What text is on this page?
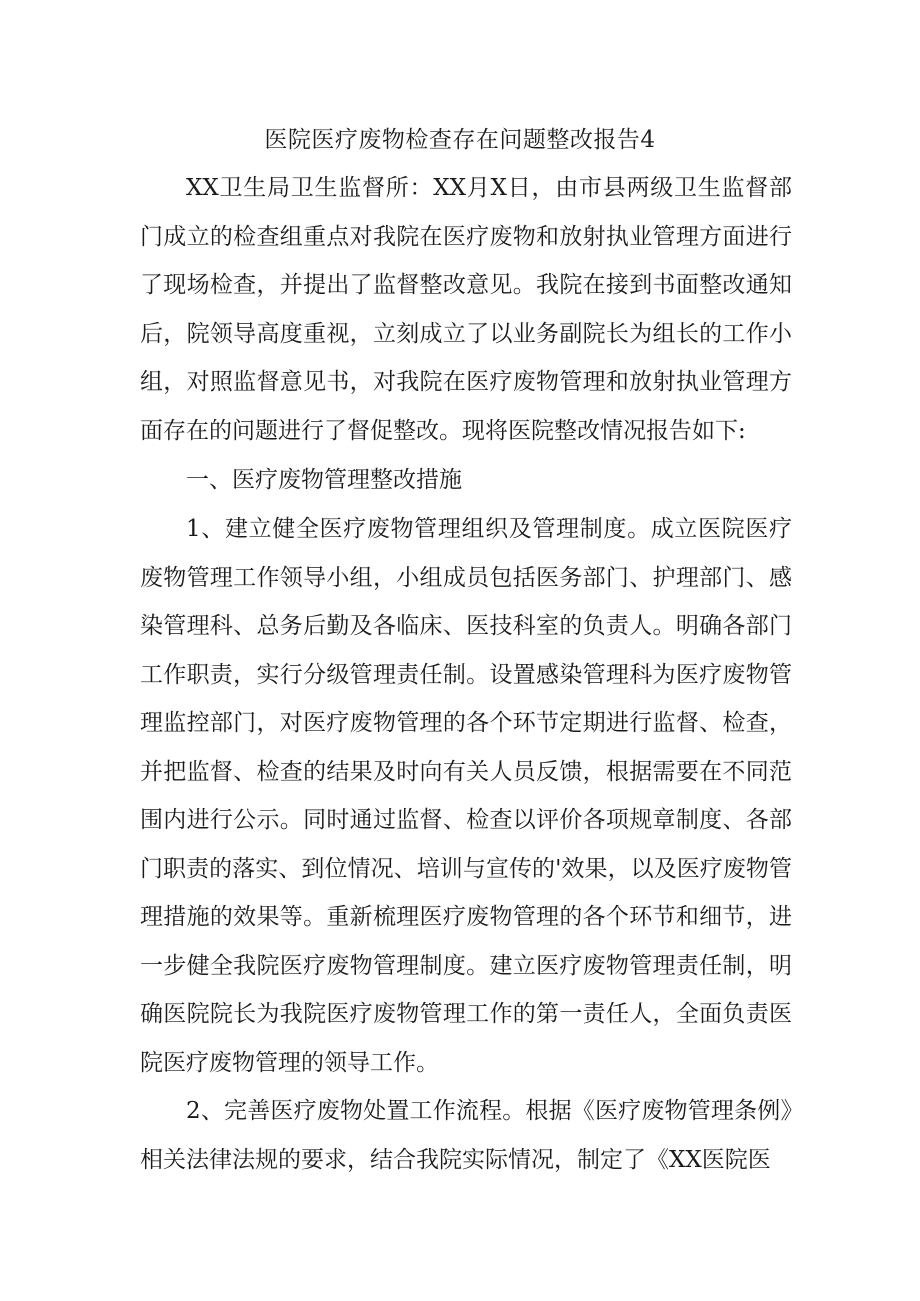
医院医疗废物检查存在问题整改报告4

XX卫生局卫生监督所：XX月X日，由市县两级卫生监督部门成立的检查组重点对我院在医疗废物和放射执业管理方面进行了现场检查，并提出了监督整改意见。我院在接到书面整改通知后，院领导高度重视，立刻成立了以业务副院长为组长的工作小组，对照监督意见书，对我院在医疗废物管理和放射执业管理方面存在的问题进行了督促整改。现将医院整改情况报告如下:

一、医疗废物管理整改措施

1、建立健全医疗废物管理组织及管理制度。成立医院医疗废物管理工作领导小组，小组成员包括医务部门、护理部门、感染管理科、总务后勤及各临床、医技科室的负责人。明确各部门工作职责，实行分级管理责任制。设置感染管理科为医疗废物管理监控部门，对医疗废物管理的各个环节定期进行监督、检查，并把监督、检查的结果及时向有关人员反馈，根据需要在不同范围内进行公示。同时通过监督、检查以评价各项规章制度、各部门职责的落实、到位情况、培训与宣传的'效果，以及医疗废物管理措施的效果等。重新梳理医疗废物管理的各个环节和细节，进一步健全我院医疗废物管理制度。建立医疗废物管理责任制，明确医院院长为我院医疗废物管理工作的第一责任人，全面负责医院医疗废物管理的领导工作。

2、完善医疗废物处置工作流程。根据《医疗废物管理条例》相关法律法规的要求，结合我院实际情况，制定了《XX医院医
